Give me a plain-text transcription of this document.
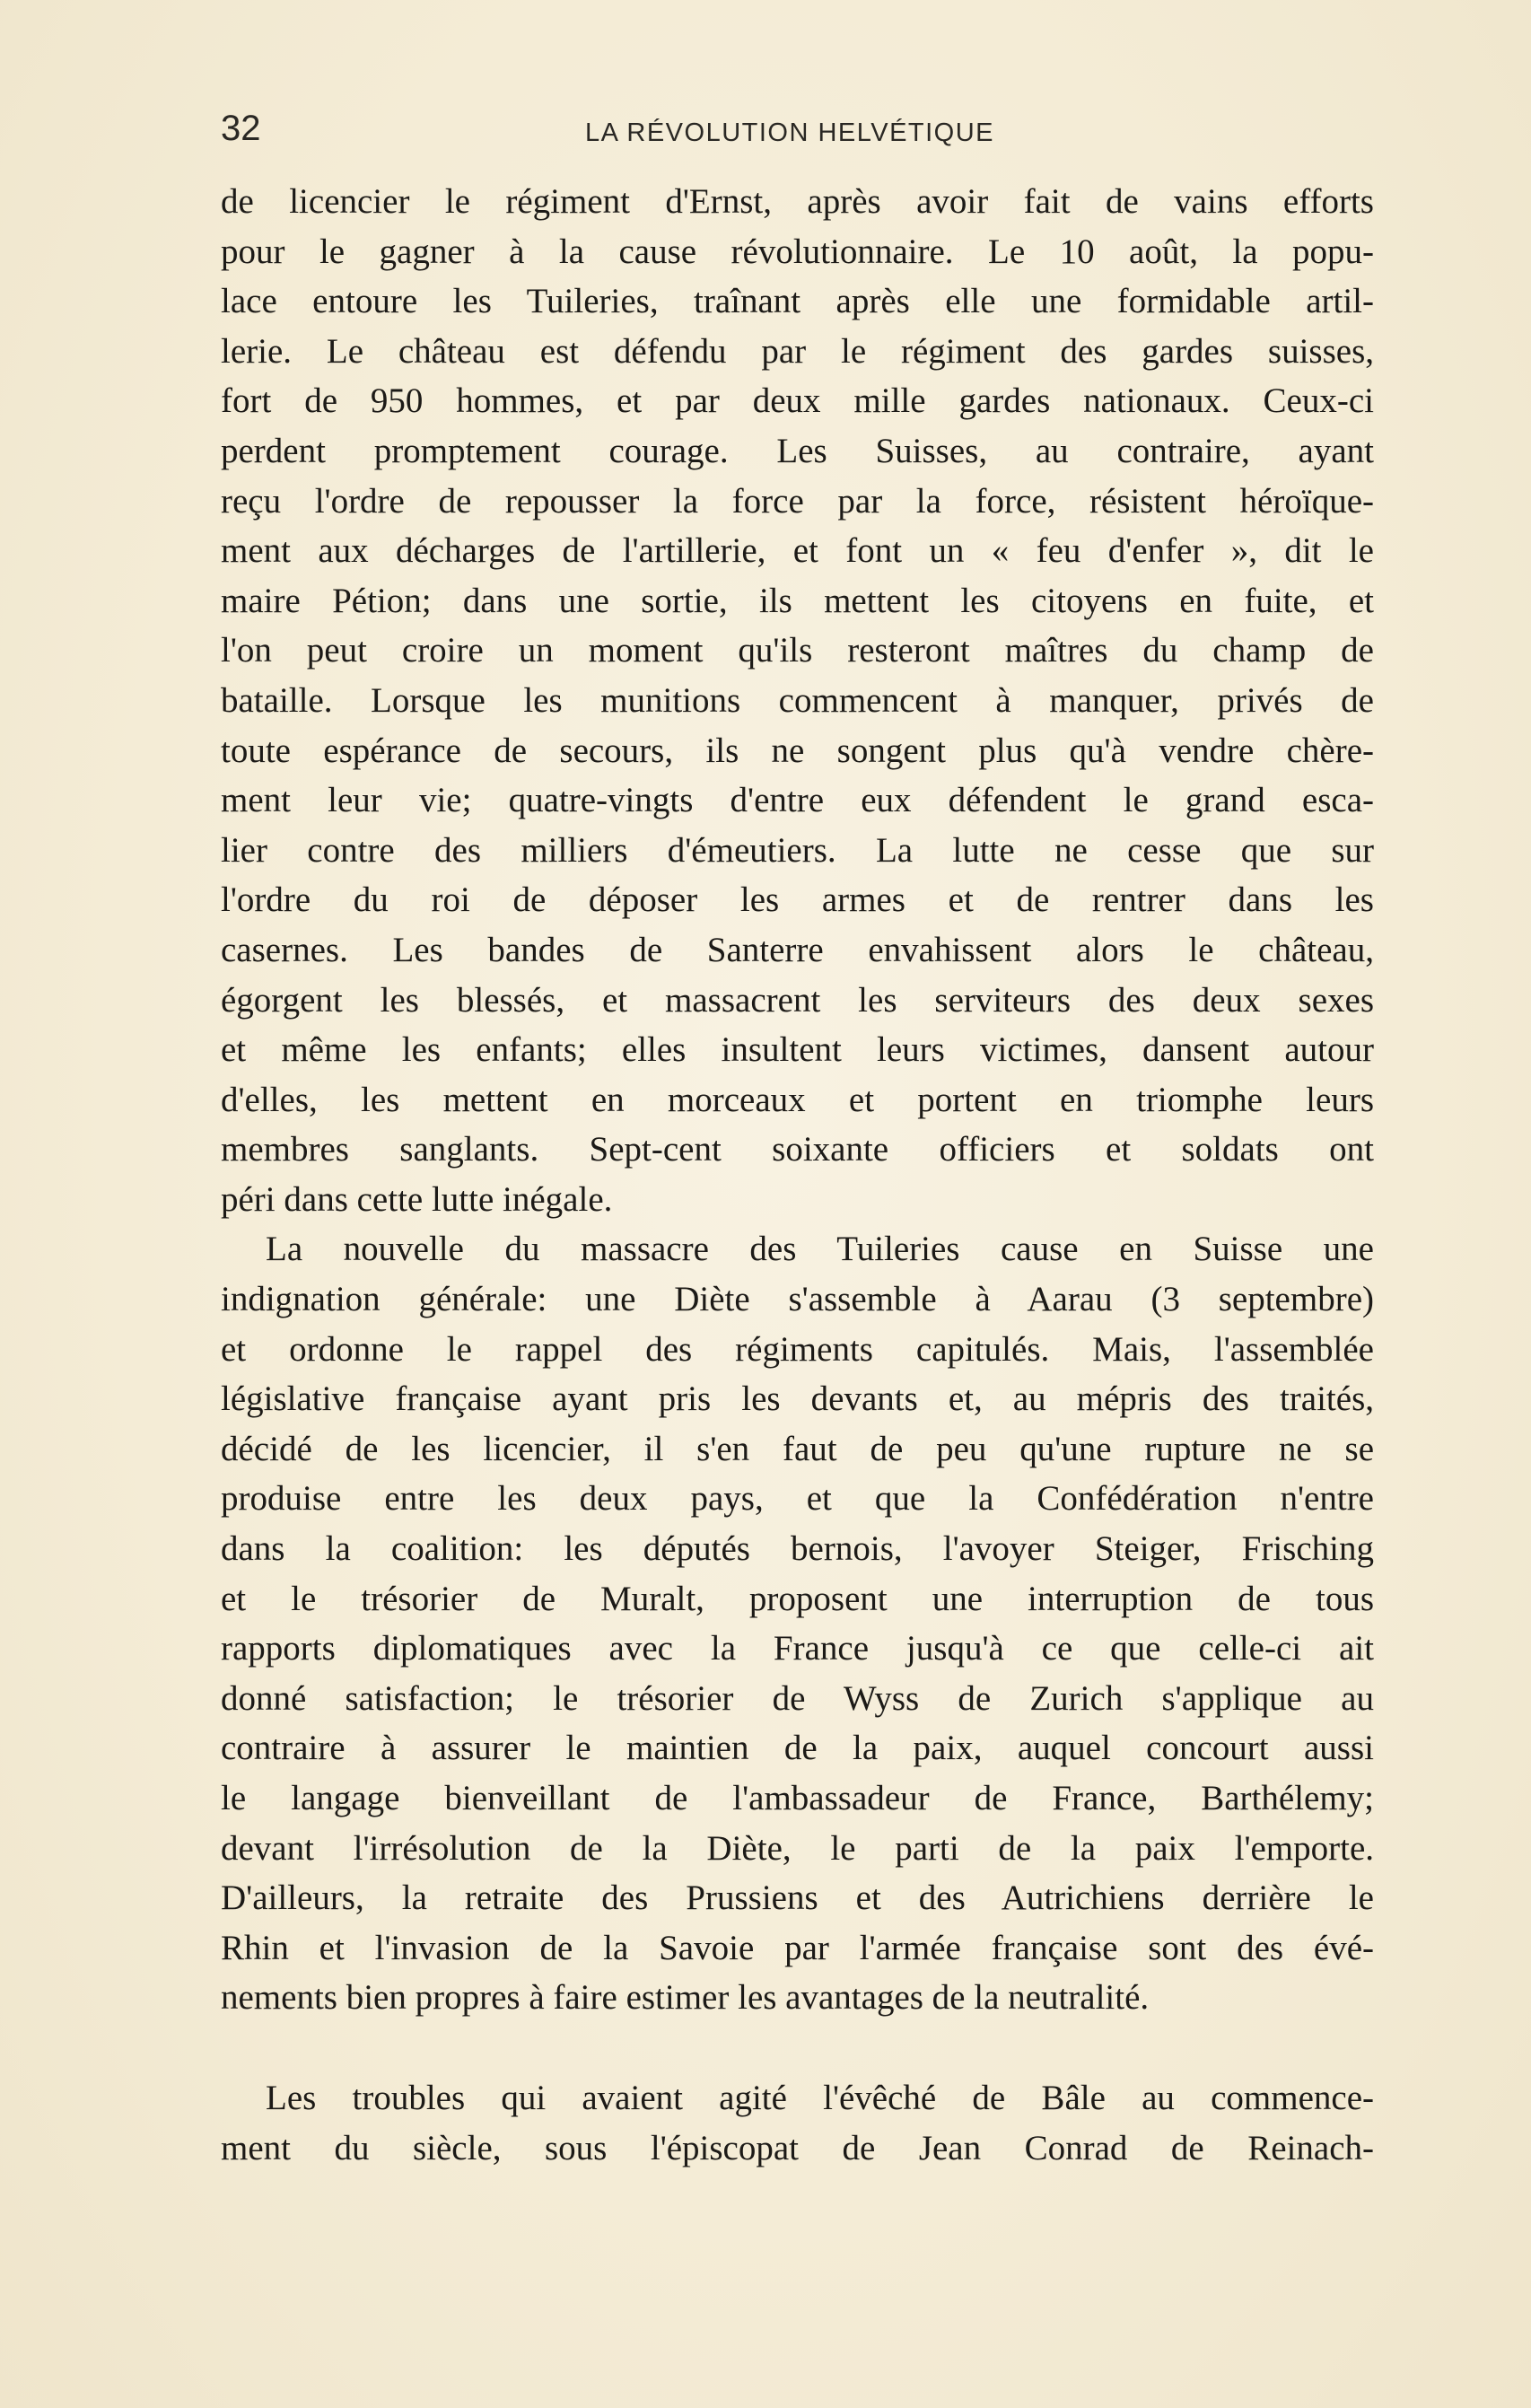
32	LA RÉVOLUTION HELVÉTIQUE
de licencier le régiment d'Ernst, après avoir fait de vains efforts
pour le gagner à la cause révolutionnaire. Le 10 août, la popu-
lace entoure les Tuileries, traînant après elle une formidable artil-
lerie. Le château est défendu par le régiment des gardes suisses,
fort de 950 hommes, et par deux mille gardes nationaux. Ceux-ci
perdent promptement courage. Les Suisses, au contraire, ayant
reçu l'ordre de repousser la force par la force, résistent héroïque-
ment aux décharges de l'artillerie, et font un « feu d'enfer », dit le
maire Pétion; dans une sortie, ils mettent les citoyens en fuite, et
l'on peut croire un moment qu'ils resteront maîtres du champ de
bataille. Lorsque les munitions commencent à manquer, privés de
toute espérance de secours, ils ne songent plus qu'à vendre chère-
ment leur vie; quatre-vingts d'entre eux défendent le grand esca-
lier contre des milliers d'émeutiers. La lutte ne cesse que sur
l'ordre du roi de déposer les armes et de rentrer dans les
casernes. Les bandes de Santerre envahissent alors le château,
égorgent les blessés, et massacrent les serviteurs des deux sexes
et même les enfants; elles insultent leurs victimes, dansent autour
d'elles, les mettent en morceaux et portent en triomphe leurs
membres sanglants. Sept-cent soixante officiers et soldats ont
péri dans cette lutte inégale.
La nouvelle du massacre des Tuileries cause en Suisse une
indignation générale: une Diète s'assemble à Aarau (3 septembre)
et ordonne le rappel des régiments capitulés. Mais, l'assemblée
législative française ayant pris les devants et, au mépris des traités,
décidé de les licencier, il s'en faut de peu qu'une rupture ne se
produise entre les deux pays, et que la Confédération n'entre
dans la coalition: les députés bernois, l'avoyer Steiger, Frisching
et le trésorier de Muralt, proposent une interruption de tous
rapports diplomatiques avec la France jusqu'à ce que celle-ci ait
donné satisfaction; le trésorier de Wyss de Zurich s'applique au
contraire à assurer le maintien de la paix, auquel concourt aussi
le langage bienveillant de l'ambassadeur de France, Barthélemy;
devant l'irrésolution de la Diète, le parti de la paix l'emporte.
D'ailleurs, la retraite des Prussiens et des Autrichiens derrière le
Rhin et l'invasion de la Savoie par l'armée française sont des évé-
nements bien propres à faire estimer les avantages de la neutralité.
Les troubles qui avaient agité l'évêché de Bâle au commence-
ment du siècle, sous l'épiscopat de Jean Conrad de Reinach-
